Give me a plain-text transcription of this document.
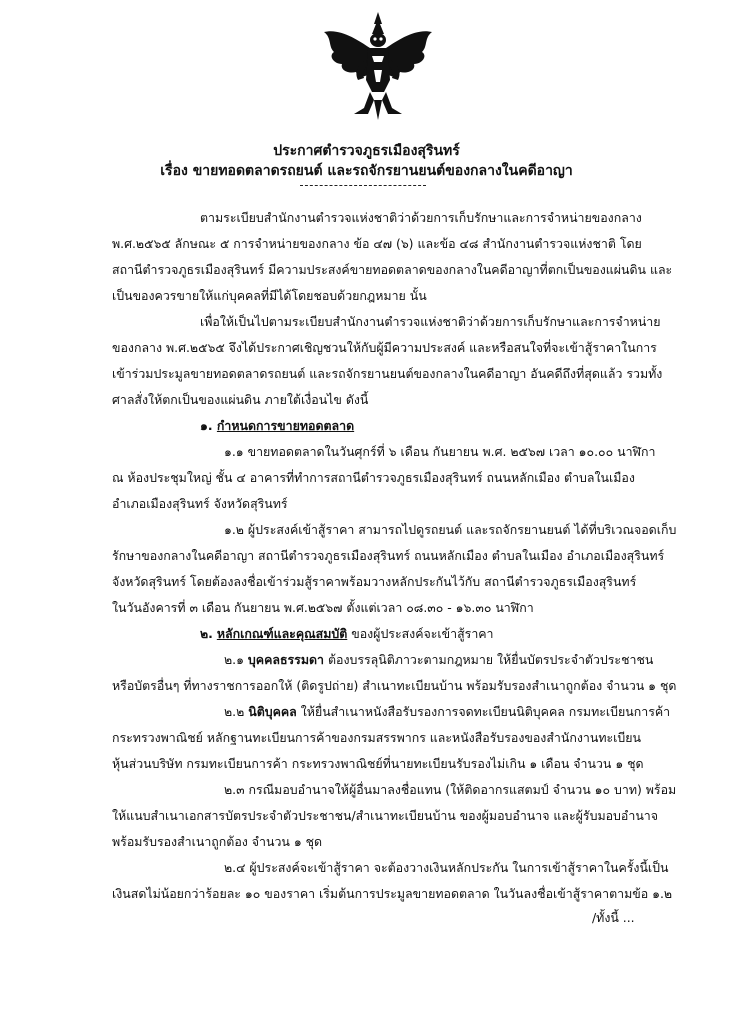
ประกาศตำรวจภูธรเมืองสุรินทร์
เรื่อง ขายทอดตลาดรถยนต์ และรถจักรยานยนต์ของกลางในคดีอาญา
ตามระเบียบสำนักงานตำรวจแห่งชาติว่าด้วยการเก็บรักษาและการจำหน่ายของกลาง
พ.ศ.๒๕๖๕ ลักษณะ ๕ การจำหน่ายของกลาง ข้อ ๔๗ (๖) และข้อ ๔๘ สำนักงานตำรวจแห่งชาติ โดย
สถานีตำรวจภูธรเมืองสุรินทร์ มีความประสงค์ขายทอดตลาดของกลางในคดีอาญาที่ตกเป็นของแผ่นดิน และ
เป็นของควรขายให้แก่บุคคลที่มีได้โดยชอบด้วยกฎหมาย นั้น
เพื่อให้เป็นไปตามระเบียบสำนักงานตำรวจแห่งชาติว่าด้วยการเก็บรักษาและการจำหน่าย
ของกลาง พ.ศ.๒๕๖๕ จึงได้ประกาศเชิญชวนให้กับผู้มีความประสงค์ และหรือสนใจที่จะเข้าสู้ราคาในการ
เข้าร่วมประมูลขายทอดตลาดรถยนต์ และรถจักรยานยนต์ของกลางในคดีอาญา อันคดีถึงที่สุดแล้ว รวมทั้ง
ศาลสั่งให้ตกเป็นของแผ่นดิน ภายใต้เงื่อนไข ดังนี้
๑. กำหนดการขายทอดตลาด
๑.๑ ขายทอดตลาดในวันศุกร์ที่ ๖ เดือน กันยายน พ.ศ. ๒๕๖๗ เวลา ๑๐.๐๐ นาฬิกา
ณ ห้องประชุมใหญ่ ชั้น ๔ อาคารที่ทำการสถานีตำรวจภูธรเมืองสุรินทร์ ถนนหลักเมือง ตำบลในเมือง
อำเภอเมืองสุรินทร์ จังหวัดสุรินทร์
๑.๒ ผู้ประสงค์เข้าสู้ราคา สามารถไปดูรถยนต์ และรถจักรยานยนต์ ได้ที่บริเวณจอดเก็บ
รักษาของกลางในคดีอาญา สถานีตำรวจภูธรเมืองสุรินทร์ ถนนหลักเมือง ตำบลในเมือง อำเภอเมืองสุรินทร์
จังหวัดสุรินทร์ โดยต้องลงชื่อเข้าร่วมสู้ราคาพร้อมวางหลักประกันไว้กับ สถานีตำรวจภูธรเมืองสุรินทร์
ในวันอังคารที่ ๓ เดือน กันยายน พ.ศ.๒๕๖๗ ตั้งแต่เวลา ๐๘.๓๐ - ๑๖.๓๐ นาฬิกา
๒. หลักเกณฑ์และคุณสมบัติ ของผู้ประสงค์จะเข้าสู้ราคา
๒.๑ บุคคลธรรมดา ต้องบรรลุนิติภาวะตามกฎหมาย ให้ยื่นบัตรประจำตัวประชาชน
หรือบัตรอื่นๆ ที่ทางราชการออกให้ (ติดรูปถ่าย) สำเนาทะเบียนบ้าน พร้อมรับรองสำเนาถูกต้อง จำนวน ๑ ชุด
๒.๒ นิติบุคคล ให้ยื่นสำเนาหนังสือรับรองการจดทะเบียนนิติบุคคล กรมทะเบียนการค้า
กระทรวงพาณิชย์ หลักฐานทะเบียนการค้าของกรมสรรพากร และหนังสือรับรองของสำนักงานทะเบียน
หุ้นส่วนบริษัท กรมทะเบียนการค้า กระทรวงพาณิชย์ที่นายทะเบียนรับรองไม่เกิน ๑ เดือน จำนวน ๑ ชุด
๒.๓ กรณีมอบอำนาจให้ผู้อื่นมาลงชื่อแทน (ให้ติดอากรแสตมป์ จำนวน ๑๐ บาท) พร้อม
ให้แนบสำเนาเอกสารบัตรประจำตัวประชาชน/สำเนาทะเบียนบ้าน ของผู้มอบอำนาจ และผู้รับมอบอำนาจ
พร้อมรับรองสำเนาถูกต้อง จำนวน ๑ ชุด
๒.๔ ผู้ประสงค์จะเข้าสู้ราคา จะต้องวางเงินหลักประกัน ในการเข้าสู้ราคาในครั้งนี้เป็น
เงินสดไม่น้อยกว่าร้อยละ ๑๐ ของราคา เริ่มต้นการประมูลขายทอดตลาด ในวันลงชื่อเข้าสู้ราคาตามข้อ ๑.๒
/ทั้งนี้ ...
